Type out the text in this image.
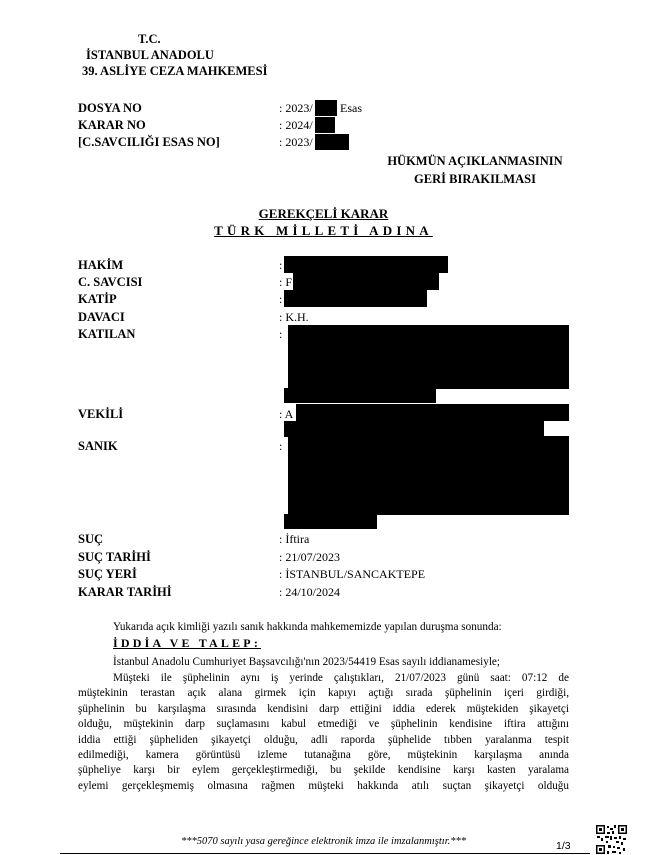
T.C.
İSTANBUL ANADOLU
39. ASLİYE CEZA MAHKEMESİ
DOSYA NO	: 2023/ Esas
KARAR NO	: 2024/
[C.SAVCILIĞI ESAS NO]	: 2023/
HÜKMÜN AÇIKLANMASININ
GERİ BIRAKILMASI
GEREKÇELİ KARAR
TÜRK MİLLETİ ADINA
HAKİM	:
C. SAVCISI	: F
KATİP	:
DAVACI	: K.H.
KATILAN	:
VEKİLİ	: A
SANIK	:
SUÇ	: İftira
SUÇ TARİHİ	: 21/07/2023
SUÇ YERİ	: İSTANBUL/SANCAKTEPE
KARAR TARİHİ	: 24/10/2024
Yukarıda açık kimliği yazılı sanık hakkında mahkememizde yapılan duruşma sonunda:
İDDİA VE TALEP:
İstanbul Anadolu Cumhuriyet Başsavcılığı'nın 2023/54419 Esas sayılı iddianamesiyle;
Müşteki ile şüphelinin aynı iş yerinde çalıştıkları, 21/07/2023 günü saat: 07:12 de
müştekinin terastan açık alana girmek için kapıyı açtığı sırada şüphelinin içeri girdiği,
şüphelinin bu karşılaşma sırasında kendisini darp ettiğini iddia ederek müştekiden şikayetçi
olduğu, müştekinin darp suçlamasını kabul etmediği ve şüphelinin kendisine iftira attığını
iddia ettiği şüpheliden şikayetçi olduğu, adli raporda şüphelide tıbben yaralanma tespit
edilmediği, kamera görüntüsü izleme tutanağına göre, müştekinin karşılaşma anında
şüpheliye karşı bir eylem gerçekleştirmediği, bu şekilde kendisine karşı kasten yaralama
eylemi gerçekleşmemiş olmasına rağmen müşteki hakkında atılı suçtan şikayetçi olduğu
***5070 sayılı yasa gereğince elektronik imza ile imzalanmıştır.***	1/3
